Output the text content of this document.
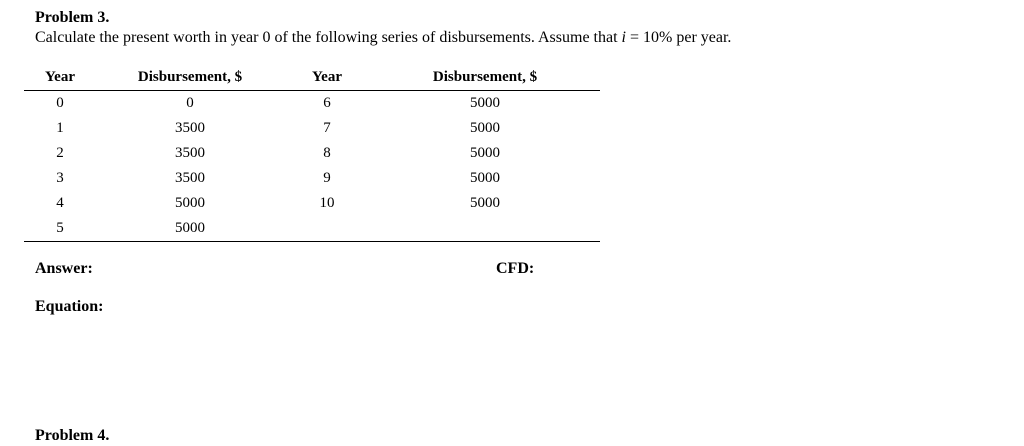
Problem 3.
Calculate the present worth in year 0 of the following series of disbursements. Assume that i = 10% per year.
Year	Disbursement, $	Year	Disbursement, $
0	0	6	5000
1	3500	7	5000
2	3500	8	5000
3	3500	9	5000
4	5000	10	5000
5	5000		
Answer:	CFD:
Equation:
Problem 4.
